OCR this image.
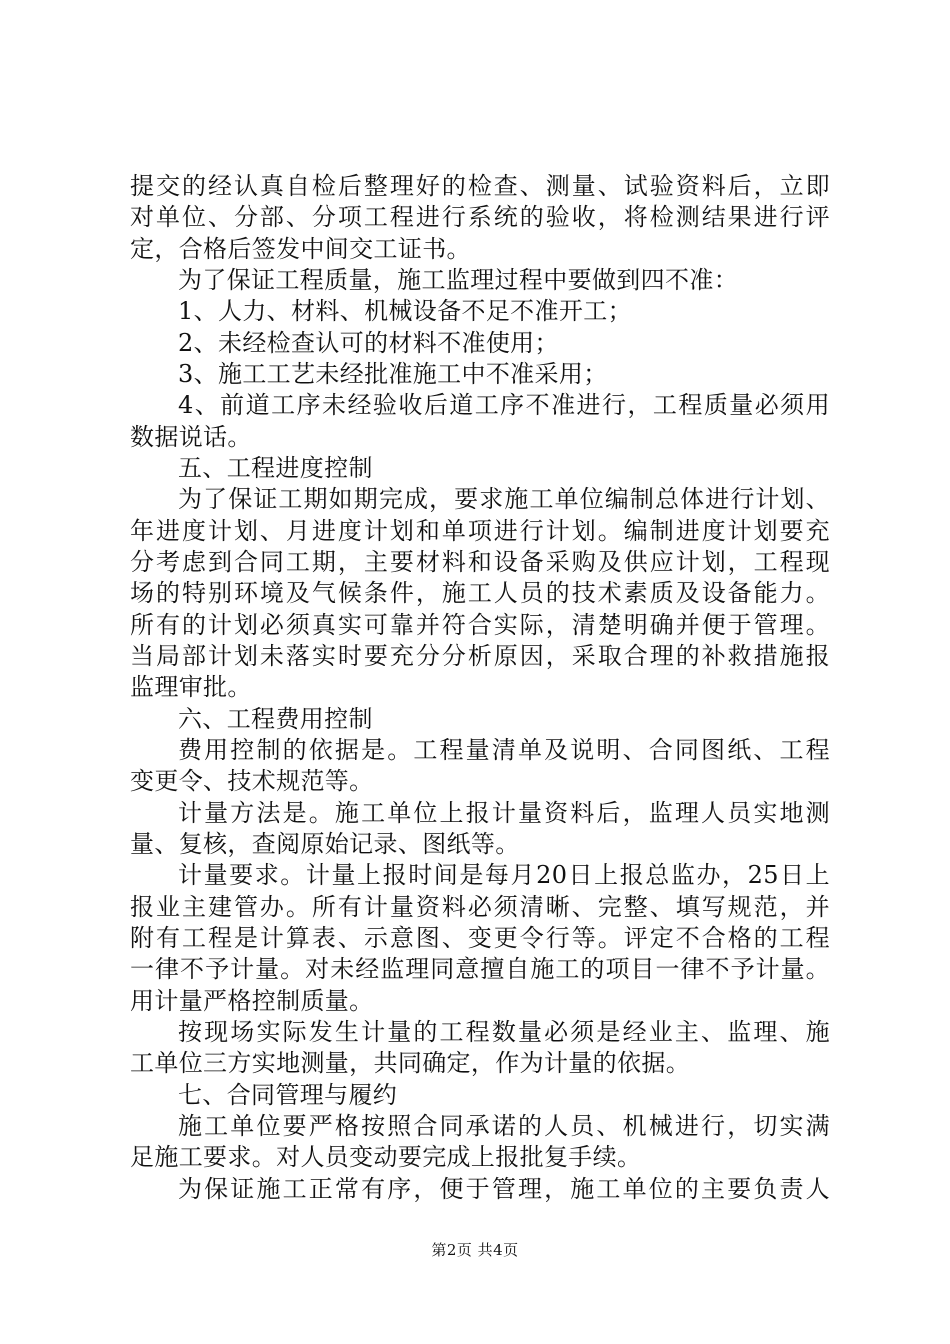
提交的经认真自检后整理好的检查、测量、试验资料后，立即
对单位、分部、分项工程进行系统的验收，将检测结果进行评
定，合格后签发中间交工证书。
为了保证工程质量，施工监理过程中要做到四不准：
1、人力、材料、机械设备不足不准开工；
2、未经检查认可的材料不准使用；
3、施工工艺未经批准施工中不准采用；
4、前道工序未经验收后道工序不准进行，工程质量必须用
数据说话。
五、工程进度控制
为了保证工期如期完成，要求施工单位编制总体进行计划、
年进度计划、月进度计划和单项进行计划。编制进度计划要充
分考虑到合同工期，主要材料和设备采购及供应计划，工程现
场的特别环境及气候条件，施工人员的技术素质及设备能力。
所有的计划必须真实可靠并符合实际，清楚明确并便于管理。
当局部计划未落实时要充分分析原因，采取合理的补救措施报
监理审批。
六、工程费用控制
费用控制的依据是。工程量清单及说明、合同图纸、工程
变更令、技术规范等。
计量方法是。施工单位上报计量资料后，监理人员实地测
量、复核，查阅原始记录、图纸等。
计量要求。计量上报时间是每月20日上报总监办，25日上
报业主建管办。所有计量资料必须清晰、完整、填写规范，并
附有工程是计算表、示意图、变更令行等。评定不合格的工程
一律不予计量。对未经监理同意擅自施工的项目一律不予计量。
用计量严格控制质量。
按现场实际发生计量的工程数量必须是经业主、监理、施
工单位三方实地测量，共同确定，作为计量的依据。
七、合同管理与履约
施工单位要严格按照合同承诺的人员、机械进行，切实满
足施工要求。对人员变动要完成上报批复手续。
为保证施工正常有序，便于管理，施工单位的主要负责人
第2页 共4页
